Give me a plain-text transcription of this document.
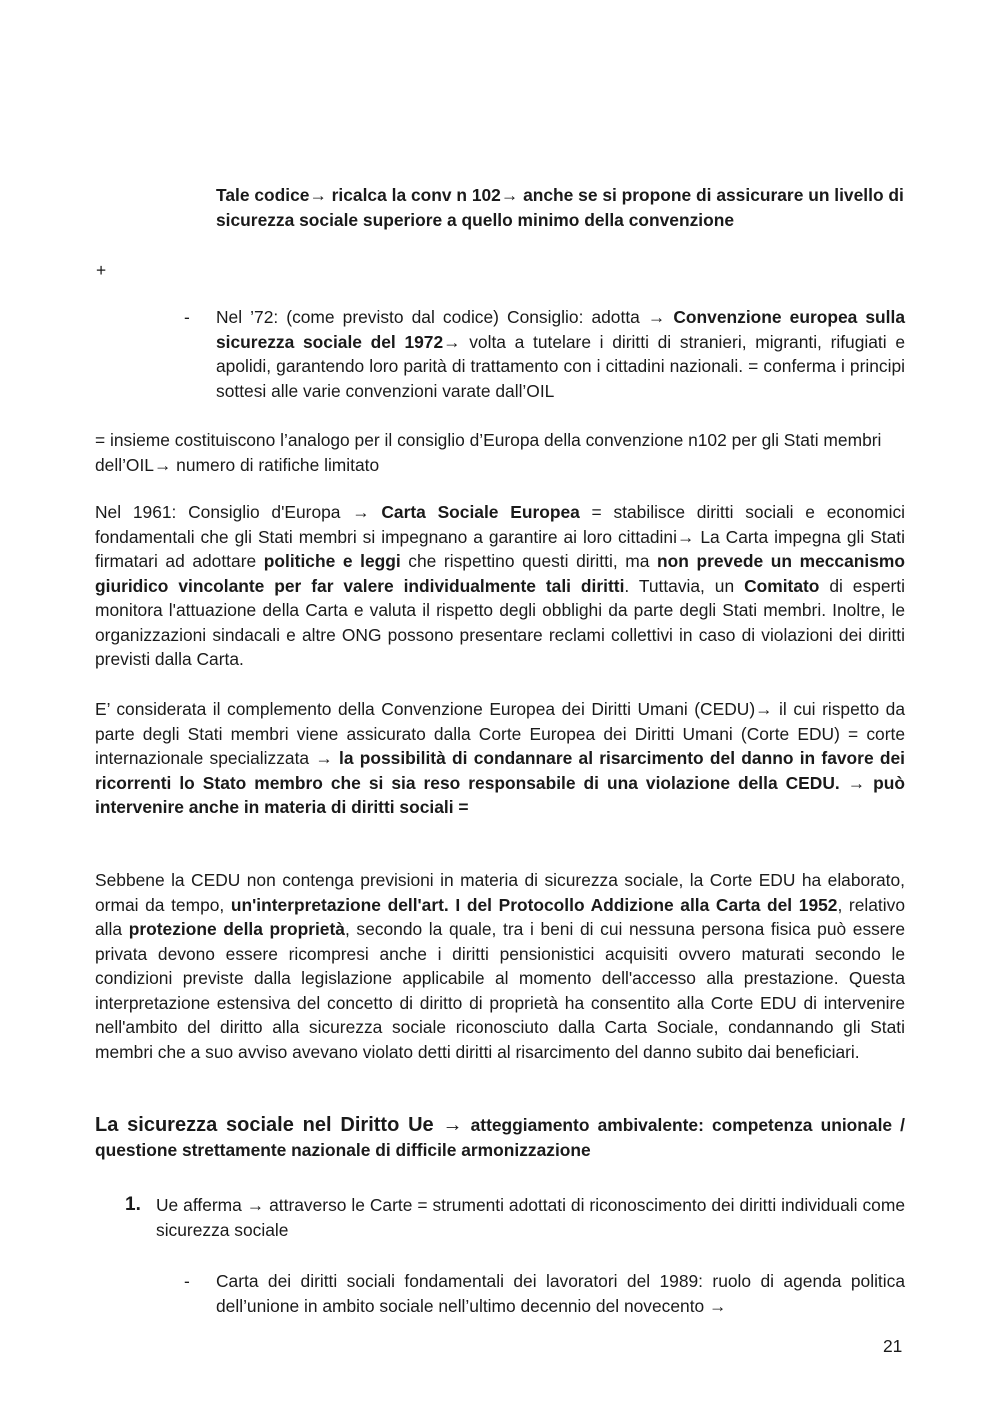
Tale codice→ ricalca la conv n 102→ anche se si propone di assicurare un livello di sicurezza sociale superiore a quello minimo della convenzione

+
- Nel ’72: (come previsto dal codice) Consiglio: adotta → Convenzione europea sulla sicurezza sociale del 1972→ volta a tutelare i diritti di stranieri, migranti, rifugiati e apolidi, garantendo loro parità di trattamento con i cittadini nazionali. = conferma i principi sottesi alle varie convenzioni varate dall’OIL

= insieme costituiscono l’analogo per il consiglio d’Europa della convenzione n102 per gli Stati membri dell’OIL→ numero di ratifiche limitato

Nel 1961: Consiglio d'Europa → Carta Sociale Europea = stabilisce diritti sociali e economici fondamentali che gli Stati membri si impegnano a garantire ai loro cittadini→ La Carta impegna gli Stati firmatari ad adottare politiche e leggi che rispettino questi diritti, ma non prevede un meccanismo giuridico vincolante per far valere individualmente tali diritti. Tuttavia, un Comitato di esperti monitora l'attuazione della Carta e valuta il rispetto degli obblighi da parte degli Stati membri. Inoltre, le organizzazioni sindacali e altre ONG possono presentare reclami collettivi in caso di violazioni dei diritti previsti dalla Carta.

E’ considerata il complemento della Convenzione Europea dei Diritti Umani (CEDU)→ il cui rispetto da parte degli Stati membri viene assicurato dalla Corte Europea dei Diritti Umani (Corte EDU) = corte internazionale specializzata → la possibilità di condannare al risarcimento del danno in favore dei ricorrenti lo Stato membro che si sia reso responsabile di una violazione della CEDU. → può intervenire anche in materia di diritti sociali =

Sebbene la CEDU non contenga previsioni in materia di sicurezza sociale, la Corte EDU ha elaborato, ormai da tempo, un'interpretazione dell'art. I del Protocollo Addizione alla Carta del 1952, relativo alla protezione della proprietà, secondo la quale, tra i beni di cui nessuna persona fisica può essere privata devono essere ricompresi anche i diritti pensionistici acquisiti ovvero maturati secondo le condizioni previste dalla legislazione applicabile al momento dell'accesso alla prestazione. Questa interpretazione estensiva del concetto di diritto di proprietà ha consentito alla Corte EDU di intervenire nell'ambito del diritto alla sicurezza sociale riconosciuto dalla Carta Sociale, condannando gli Stati membri che a suo avviso avevano violato detti diritti al risarcimento del danno subito dai beneficiari.

La sicurezza sociale nel Diritto Ue → atteggiamento ambivalente: competenza unionale / questione strettamente nazionale di difficile armonizzazione

1. Ue afferma → attraverso le Carte = strumenti adottati di riconoscimento dei diritti individuali come sicurezza sociale

- Carta dei diritti sociali fondamentali dei lavoratori del 1989: ruolo di agenda politica dell’unione in ambito sociale nell’ultimo decennio del novecento →

21
